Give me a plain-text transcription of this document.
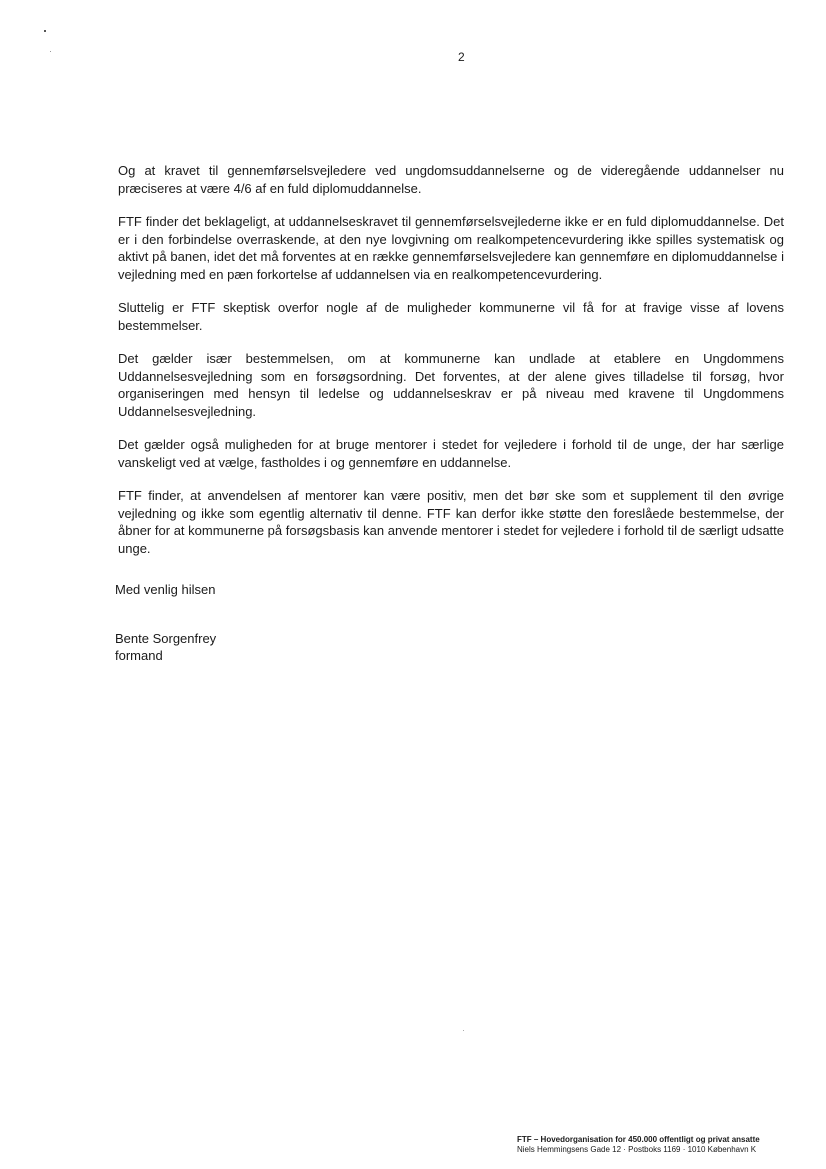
2

Og at kravet til gennemførselsvejledere ved ungdomsuddannelserne og de videregående uddannelser nu præciseres at være 4/6 af en fuld diplomuddannelse.

FTF finder det beklageligt, at uddannelseskravet til gennemførselsvejlederne ikke er en fuld diplomuddannelse. Det er i den forbindelse overraskende, at den nye lovgivning om realkompetencevurdering ikke spilles systematisk og aktivt på banen, idet det må forventes at en række gennemførselsvejledere kan gennemføre en diplomuddannelse i vejledning med en pæn forkortelse af uddannelsen via en realkompetencevurdering.

Sluttelig er FTF skeptisk overfor nogle af de muligheder kommunerne vil få for at fravige visse af lovens bestemmelser.

Det gælder især bestemmelsen, om at kommunerne kan undlade at etablere en Ungdommens Uddannelsesvejledning som en forsøgsordning. Det forventes, at der alene gives tilladelse til forsøg, hvor organiseringen med hensyn til ledelse og uddannelseskrav er på niveau med kravene til Ungdommens Uddannelsesvejledning.

Det gælder også muligheden for at bruge mentorer i stedet for vejledere i forhold til de unge, der har særlige vanskeligt ved at vælge, fastholdes i og gennemføre en uddannelse.

FTF finder, at anvendelsen af mentorer kan være positiv, men det bør ske som et supplement til den øvrige vejledning og ikke som egentlig alternativ til denne. FTF kan derfor ikke støtte den foreslåede bestemmelse, der åbner for at kommunerne på forsøgsbasis kan anvende mentorer i stedet for vejledere i forhold til de særligt udsatte unge.

Med venlig hilsen
Bente Sorgenfrey
formand
FTF – Hovedorganisation for 450.000 offentligt og privat ansatte
Niels Hemmingsens Gade 12 · Postboks 1169 · 1010 København K
